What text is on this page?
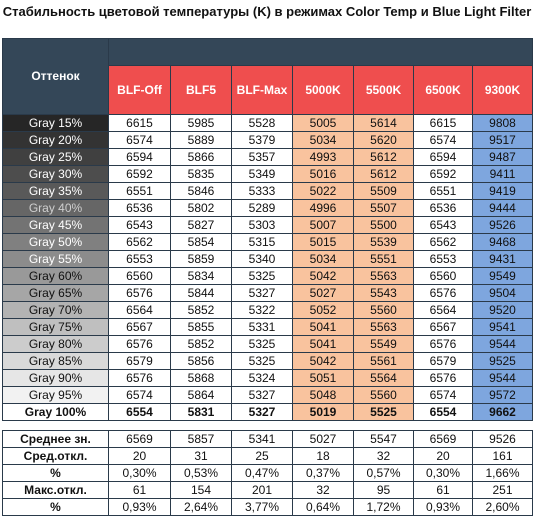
Стабильность цветовой температуры (K) в режимах Color Temp и Blue Light Filter
Оттенок							
	BLF-Off	BLF5	BLF-Max	5000K	5500K	6500K	9300K
Gray 15%	6615	5985	5528	5005	5614	6615	9808
Gray 20%	6574	5889	5379	5034	5620	6574	9517
Gray 25%	6594	5866	5357	4993	5612	6594	9487
Gray 30%	6592	5835	5349	5016	5612	6592	9411
Gray 35%	6551	5846	5333	5022	5509	6551	9419
Gray 40%	6536	5802	5289	4996	5507	6536	9444
Gray 45%	6543	5827	5303	5007	5500	6543	9526
Gray 50%	6562	5854	5315	5015	5539	6562	9468
Gray 55%	6553	5859	5340	5034	5551	6553	9431
Gray 60%	6560	5834	5325	5042	5563	6560	9549
Gray 65%	6576	5844	5327	5027	5543	6576	9504
Gray 70%	6564	5852	5322	5052	5560	6564	9520
Gray 75%	6567	5855	5331	5041	5563	6567	9541
Gray 80%	6576	5852	5325	5041	5549	6576	9544
Gray 85%	6579	5856	5325	5042	5561	6579	9525
Gray 90%	6576	5868	5324	5051	5564	6576	9544
Gray 95%	6574	5864	5327	5048	5560	6574	9572
Gray 100%	6554	5831	5327	5019	5525	6554	9662

Среднее зн.	6569	5857	5341	5027	5547	6569	9526
Сред.откл.	20	31	25	18	32	20	161
%	0,30%	0,53%	0,47%	0,37%	0,57%	0,30%	1,66%
Макс.откл.	61	154	201	32	95	61	251
%	0,93%	2,64%	3,77%	0,64%	1,72%	0,93%	2,60%
